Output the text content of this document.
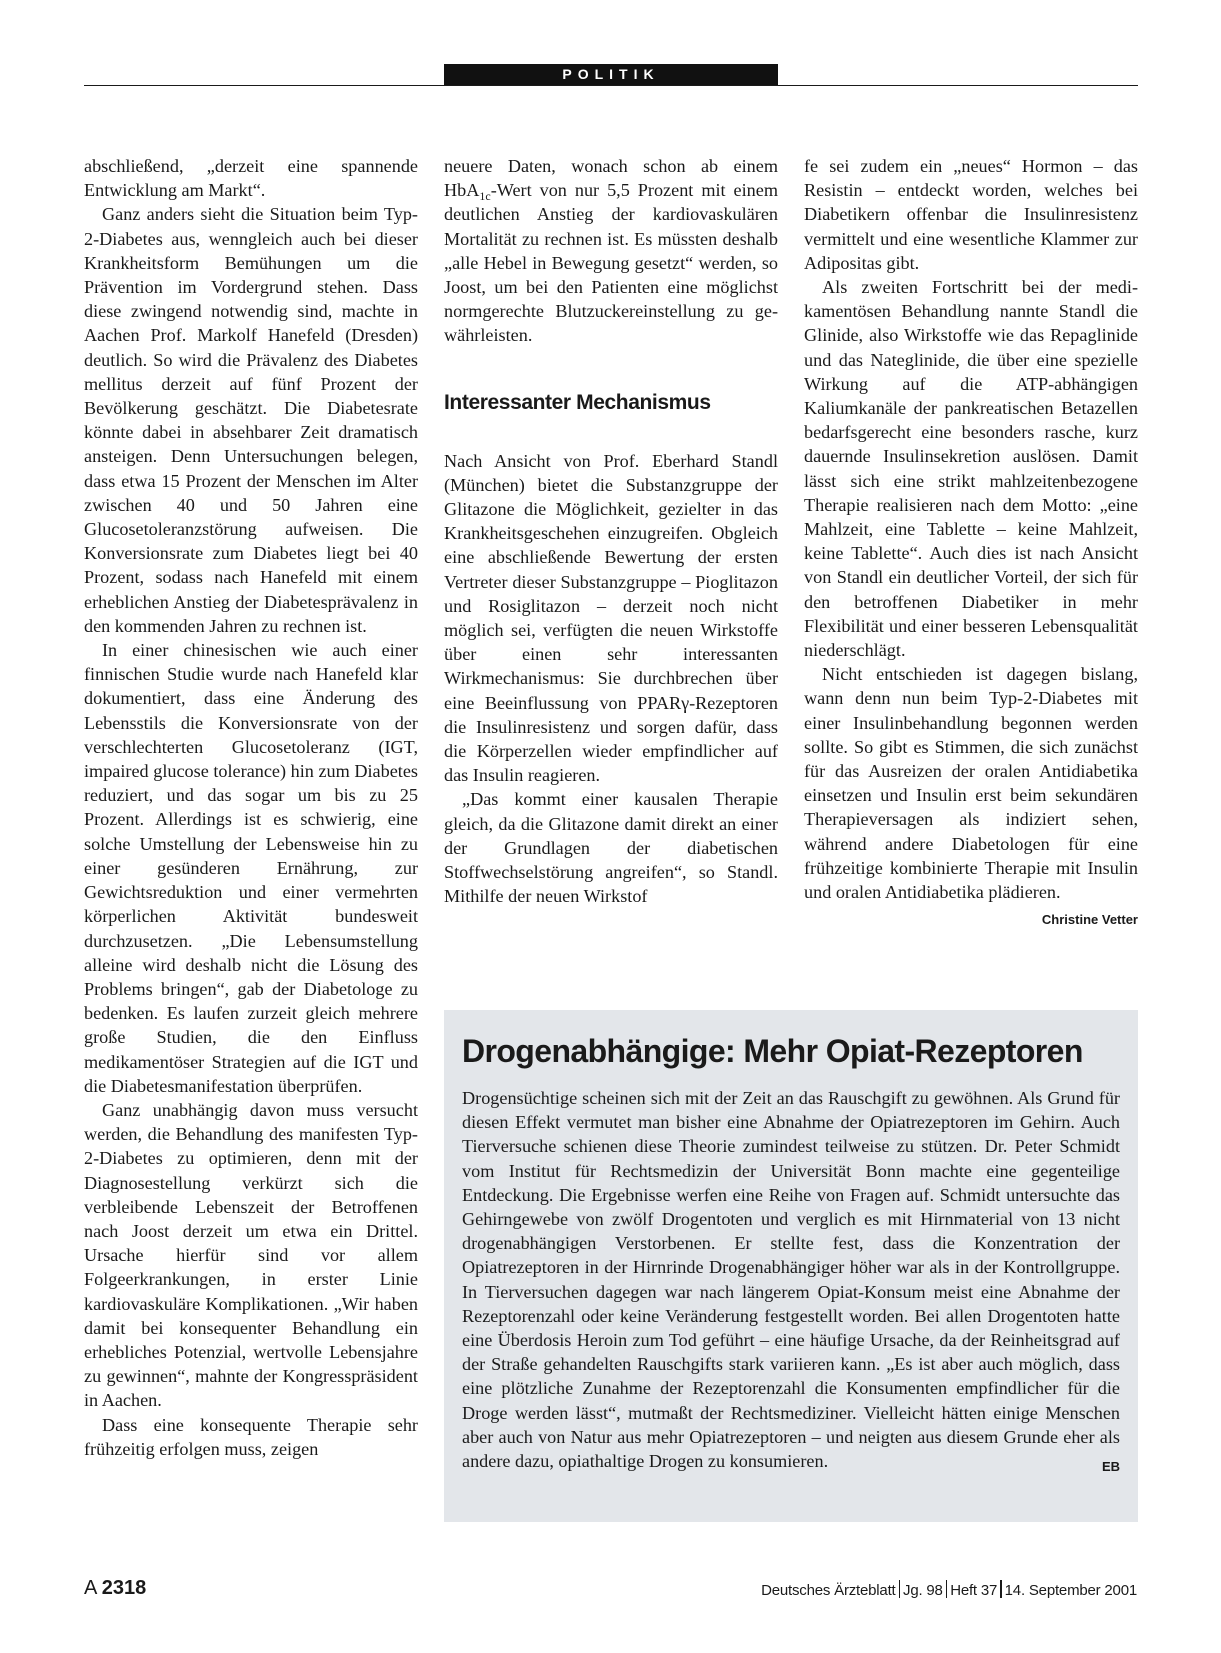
POLITIK

abschließend, „derzeit eine spannende Entwicklung am Markt“.

Ganz anders sieht die Situation beim Typ-2-Diabetes aus, wenngleich auch bei dieser Krankheitsform Bemühungen um die Prävention im Vordergrund stehen. Dass diese zwingend notwendig sind, machte in Aachen Prof. Markolf Hanefeld (Dresden) deutlich. So wird die Prävalenz des Diabetes mellitus derzeit auf fünf Prozent der Bevölkerung geschätzt. Die Diabetesrate könnte dabei in absehbarer Zeit dramatisch ansteigen. Denn Untersuchungen belegen, dass etwa 15 Prozent der Menschen im Alter zwischen 40 und 50 Jahren eine Glucosetoleranzstörung aufweisen. Die Konversionsrate zum Diabetes liegt bei 40 Prozent, sodass nach Hanefeld mit einem erheblichen Anstieg der Diabetesprävalenz in den kommenden Jahren zu rechnen ist.

In einer chinesischen wie auch einer finnischen Studie wurde nach Hanefeld klar dokumentiert, dass eine Änderung des Lebensstils die Konversionsrate von der verschlechterten Glucosetoleranz (IGT, impaired glucose tolerance) hin zum Diabetes reduziert, und das sogar um bis zu 25 Prozent. Allerdings ist es schwierig, eine solche Umstellung der Lebensweise hin zu einer gesünderen Ernährung, zur Gewichtsreduktion und einer vermehrten körperlichen Aktivität bundesweit durchzusetzen. „Die Lebensumstellung alleine wird deshalb nicht die Lösung des Problems bringen“, gab der Diabetologe zu bedenken. Es laufen zurzeit gleich mehrere große Studien, die den Einfluss medikamentöser Strategien auf die IGT und die Diabetesmanifestation überprüfen.

Ganz unabhängig davon muss versucht werden, die Behandlung des manifesten Typ-2-Diabetes zu optimieren, denn mit der Diagnosestellung verkürzt sich die verbleibende Lebenszeit der Betroffenen nach Joost derzeit um etwa ein Drittel. Ursache hierfür sind vor allem Folgeerkrankungen, in erster Linie kardiovaskuläre Komplikationen. „Wir haben damit bei konsequenter Behandlung ein erhebliches Potenzial, wertvolle Lebensjahre zu gewinnen“, mahnte der Kongresspräsident in Aachen.

Dass eine konsequente Therapie sehr frühzeitig erfolgen muss, zeigen

neuere Daten, wonach schon ab einem HbA$_{1c}$-Wert von nur 5,5 Prozent mit einem deutlichen Anstieg der kardiovaskulären Mortalität zu rechnen ist. Es müssten deshalb „alle Hebel in Bewegung gesetzt“ werden, so Joost, um bei den Patienten eine möglichst normgerechte Blutzuckereinstellung zu gewährleisten.

Interessanter Mechanismus

Nach Ansicht von Prof. Eberhard Standl (München) bietet die Substanzgruppe der Glitazone die Möglichkeit, gezielter in das Krankheitsgeschehen einzugreifen. Obgleich eine abschließende Bewertung der ersten Vertreter dieser Substanzgruppe – Pioglitazon und Rosiglitazon – derzeit noch nicht möglich sei, verfügten die neuen Wirkstoffe über einen sehr interessanten Wirkmechanismus: Sie durchbrechen über eine Beeinflussung von PPARγ-Rezeptoren die Insulinresistenz und sorgen dafür, dass die Körperzellen wieder empfindlicher auf das Insulin reagieren.

„Das kommt einer kausalen Therapie gleich, da die Glitazone damit direkt an einer der Grundlagen der diabetischen Stoffwechselstörung angreifen“, so Standl. Mithilfe der neuen Wirkstof

fe sei zudem ein „neues“ Hormon – das Resistin – entdeckt worden, welches bei Diabetikern offenbar die Insulinresistenz vermittelt und eine wesentliche Klammer zur Adipositas gibt.

Als zweiten Fortschritt bei der medikamentösen Behandlung nannte Standl die Glinide, also Wirkstoffe wie das Repaglinide und das Nateglinide, die über eine spezielle Wirkung auf die ATP-abhängigen Kaliumkanäle der pankreatischen Betazellen bedarfsgerecht eine besonders rasche, kurz dauernde Insulinsekretion auslösen. Damit lässt sich eine strikt mahlzeitenbezogene Therapie realisieren nach dem Motto: „eine Mahlzeit, eine Tablette – keine Mahlzeit, keine Tablette“. Auch dies ist nach Ansicht von Standl ein deutlicher Vorteil, der sich für den betroffenen Diabetiker in mehr Flexibilität und einer besseren Lebensqualität niederschlägt.

Nicht entschieden ist dagegen bislang, wann denn nun beim Typ-2-Diabetes mit einer Insulinbehandlung begonnen werden sollte. So gibt es Stimmen, die sich zunächst für das Ausreizen der oralen Antidiabetika einsetzen und Insulin erst beim sekundären Therapieversagen als indiziert sehen, während andere Diabetologen für eine frühzeitige kombinierte Therapie mit Insulin und oralen Antidiabetika plädieren.
Christine Vetter

Drogenabhängige: Mehr Opiat-Rezeptoren

Drogensüchtige scheinen sich mit der Zeit an das Rauschgift zu gewöhnen. Als Grund für diesen Effekt vermutet man bisher eine Abnahme der Opiatrezeptoren im Gehirn. Auch Tierversuche schienen diese Theorie zumindest teilweise zu stützen. Dr. Peter Schmidt vom Institut für Rechtsmedizin der Universität Bonn machte eine gegenteilige Entdeckung. Die Ergebnisse werfen eine Reihe von Fragen auf. Schmidt untersuchte das Gehirngewebe von zwölf Drogentoten und verglich es mit Hirnmaterial von 13 nicht drogenabhängigen Verstorbenen. Er stellte fest, dass die Konzentration der Opiatrezeptoren in der Hirnrinde Drogenabhängiger höher war als in der Kontrollgruppe. In Tierversuchen dagegen war nach längerem Opiat-Konsum meist eine Abnahme der Rezeptorenzahl oder keine Veränderung festgestellt worden. Bei allen Drogentoten hatte eine Überdosis Heroin zum Tod geführt – eine häufige Ursache, da der Reinheitsgrad auf der Straße gehandelten Rauschgifts stark variieren kann. „Es ist aber auch möglich, dass eine plötzliche Zunahme der Rezeptorenzahl die Konsumenten empfindlicher für die Droge werden lässt“, mutmaßt der Rechtsmediziner. Vielleicht hätten einige Menschen aber auch von Natur aus mehr Opiatrezeptoren – und neigten aus diesem Grunde eher als andere dazu, opiathaltige Drogen zu konsumieren.	EB

A 2318	Deutsches Ärzteblatt Jg. 98 Heft 37 14. September 2001
